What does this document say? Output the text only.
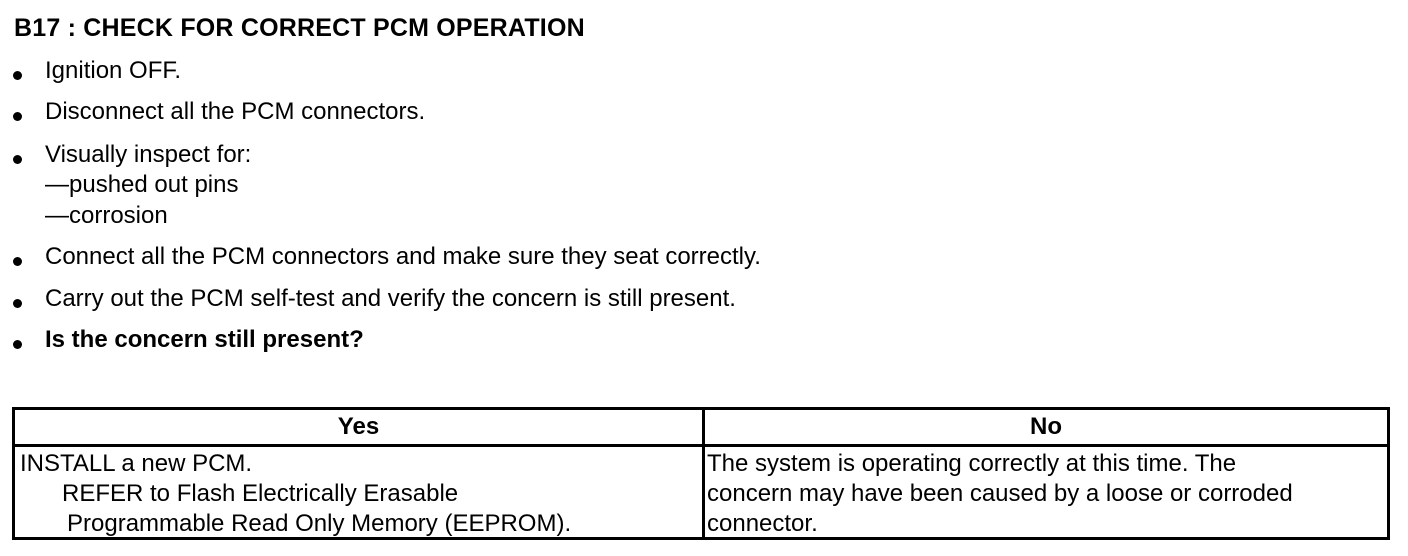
B17 : CHECK FOR CORRECT PCM OPERATION
Ignition OFF.
Disconnect all the PCM connectors.
Visually inspect for:
—pushed out pins
—corrosion
Connect all the PCM connectors and make sure they seat correctly.
Carry out the PCM self-test and verify the concern is still present.
Is the concern still present?
Yes	No
INSTALL a new PCM.
REFER to Flash Electrically Erasable
Programmable Read Only Memory (EEPROM).
The system is operating correctly at this time. The
concern may have been caused by a loose or corroded
connector.
